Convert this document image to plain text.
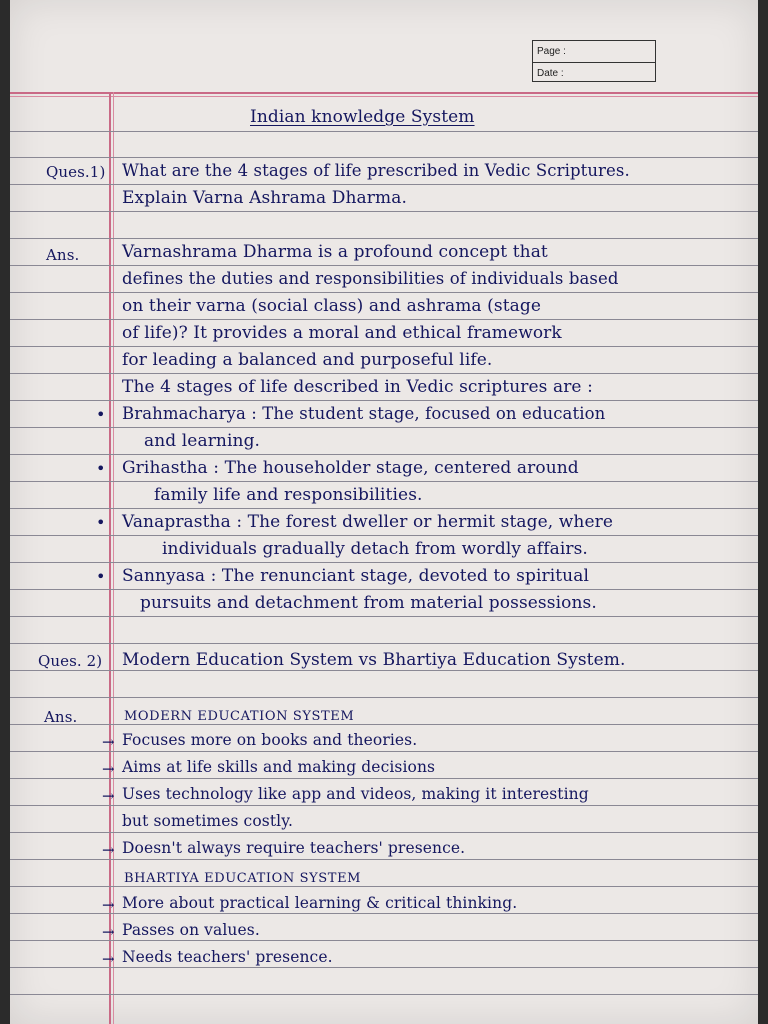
Page :
Date :
Indian knowledge System
Ques.1) What are the 4 stages of life prescribed in Vedic Scriptures.
Explain Varna Ashrama Dharma.
Ans.	Varnashrama Dharma is a profound concept that
defines the duties and responsibilities of individuals based
on their varna (social class) and ashrama (stage
of life)? It provides a moral and ethical framework
for leading a balanced and purposeful life.
The 4 stages of life described in Vedic scriptures are :
• Brahmacharya : The student stage, focused on education
and learning.
• Grihastha : The householder stage, centered around
family life and responsibilities.
• Vanaprastha : The forest dweller or hermit stage, where
individuals gradually detach from wordly affairs.
• Sannyasa : The renunciant stage, devoted to spiritual
pursuits and detachment from material possessions.
Ques. 2) Modern Education System vs Bhartiya Education System.
Ans.	MODERN EDUCATION SYSTEM
→ Focuses more on books and theories.
→ Aims at life skills and making decisions
→ Uses technology like app and videos, making it interesting
but sometimes costly.
→ Doesn't always require teachers' presence.
BHARTIYA EDUCATION SYSTEM
→ More about practical learning & critical thinking.
→ Passes on values.
→ Needs teachers' presence.
